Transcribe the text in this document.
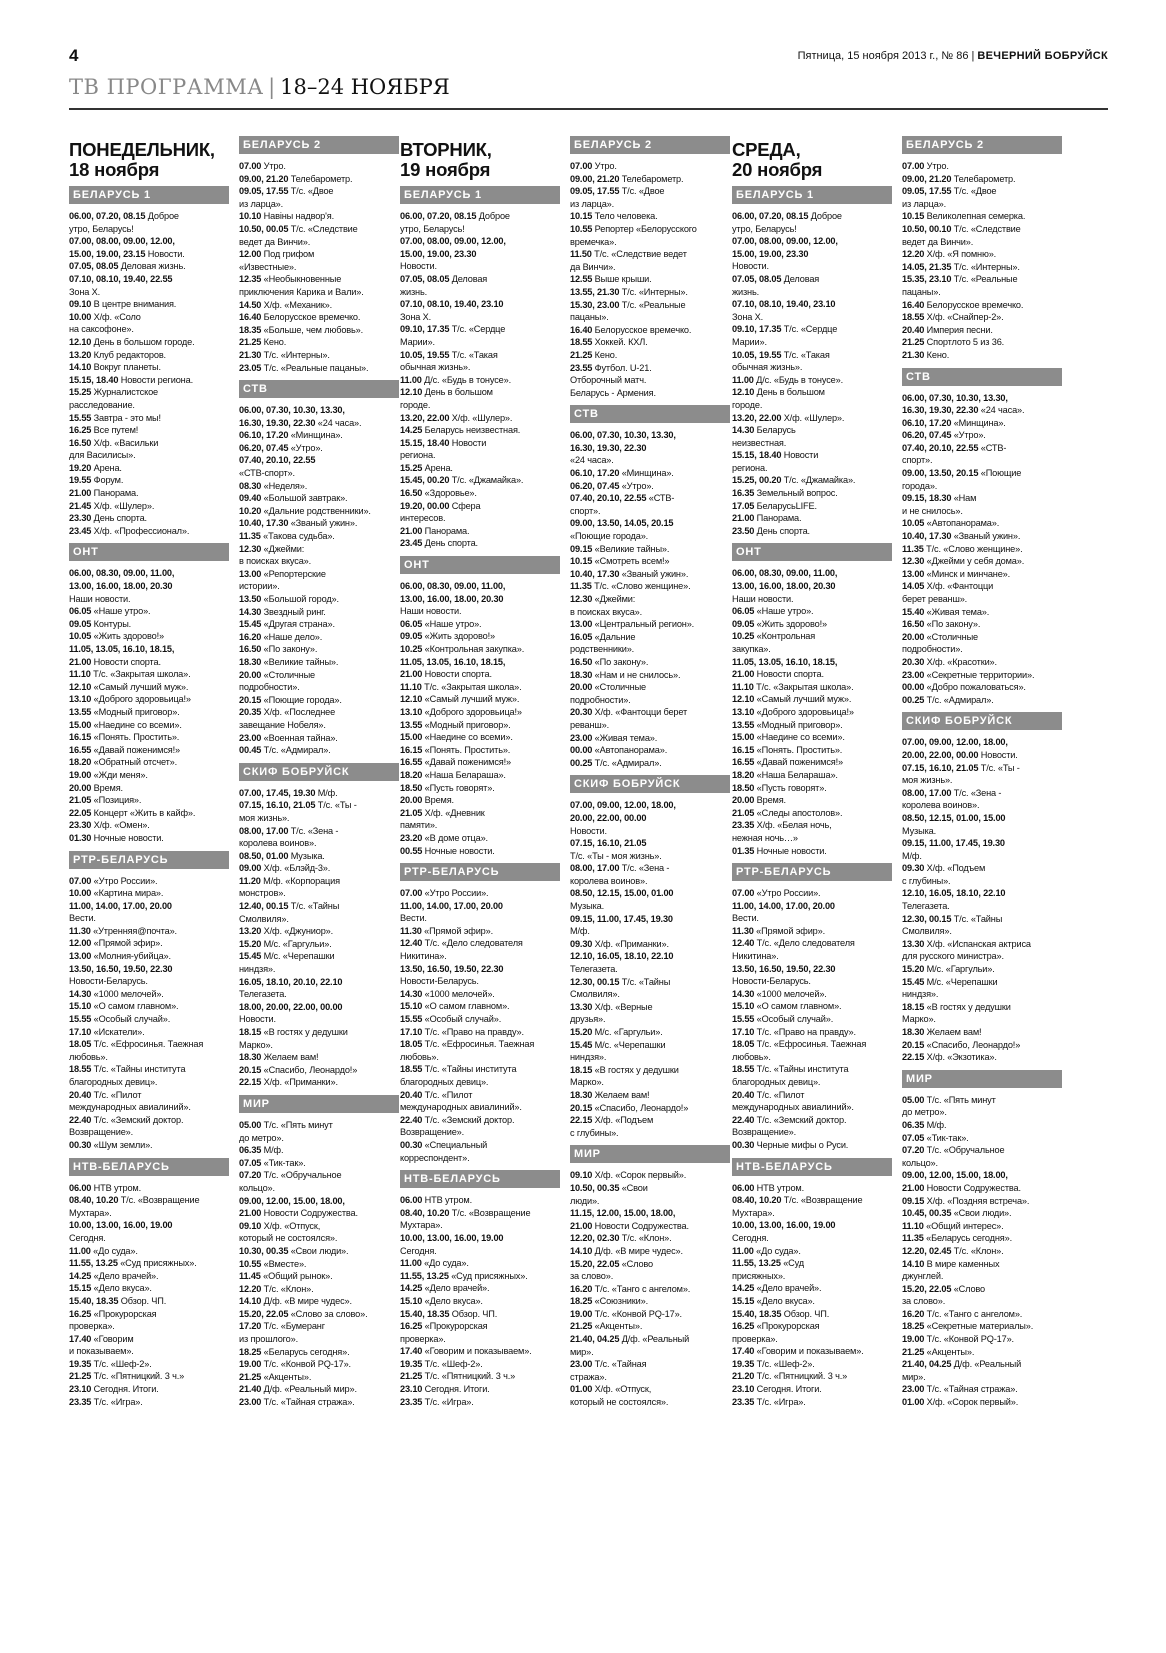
4	Пятница, 15 ноября 2013 г., № 86 | ВЕЧЕРНИЙ БОБРУЙСК
ТВ ПРОГРАММА | 18–24 НОЯБРЯ
ПОНЕДЕЛЬНИК,
18 ноября
БЕЛАРУСЬ 1
06.00, 07.20, 08.15 Доброе
утро, Беларусь!
07.00, 08.00, 09.00, 12.00,
15.00, 19.00, 23.15 Новости.
07.05, 08.05 Деловая жизнь.
07.10, 08.10, 19.40, 22.55
Зона Х.
09.10 В центре внимания.
10.00 Х/ф. «Соло
на саксофоне».
12.10 День в большом городе.
13.20 Клуб редакторов.
14.10 Вокруг планеты.
15.15, 18.40 Новости региона.
15.25 Журналистское
расследование.
15.55 Завтра - это мы!
16.25 Все путем!
16.50 Х/ф. «Васильки
для Василисы».
19.20 Арена.
19.55 Форум.
21.00 Панорама.
21.45 Х/ф. «Шулер».
23.30 День спорта.
23.45 Х/ф. «Профессионал».
ОНТ
06.00, 08.30, 09.00, 11.00,
13.00, 16.00, 18.00, 20.30
Наши новости.
06.05 «Наше утро».
09.05 Контуры.
10.05 «Жить здорово!»
11.05, 13.05, 16.10, 18.15,
21.00 Новости спорта.
11.10 Т/с. «Закрытая школа».
12.10 «Самый лучший муж».
13.10 «Доброго здоровьица!»
13.55 «Модный приговор».
15.00 «Наедине со всеми».
16.15 «Понять. Простить».
16.55 «Давай поженимся!»
18.20 «Обратный отсчет».
19.00 «Жди меня».
20.00 Время.
21.05 «Позиция».
22.05 Концерт «Жить в кайф».
23.30 Х/ф. «Омен».
01.30 Ночные новости.
РТР-БЕЛАРУСЬ
07.00 «Утро России».
10.00 «Картина мира».
11.00, 14.00, 17.00, 20.00
Вести.
11.30 «Утренняя@почта».
12.00 «Прямой эфир».
13.00 «Молния-убийца».
13.50, 16.50, 19.50, 22.30
Новости-Беларусь.
14.30 «1000 мелочей».
15.10 «О самом главном».
15.55 «Особый случай».
17.10 «Искатели».
18.05 Т/с. «Ефросинья. Таежная
любовь».
18.55 Т/с. «Тайны института
благородных девиц».
20.40 Т/с. «Пилот
международных авиалиний».
22.40 Т/с. «Земский доктор.
Возвращение».
00.30 «Шум земли».
НТВ-БЕЛАРУСЬ
06.00 НТВ утром.
08.40, 10.20 Т/с. «Возвращение
Мухтара».
10.00, 13.00, 16.00, 19.00
Сегодня.
11.00 «До суда».
11.55, 13.25 «Суд присяжных».
14.25 «Дело врачей».
15.15 «Дело вкуса».
15.40, 18.35 Обзор. ЧП.
16.25 «Прокурорская
проверка».
17.40 «Говорим
и показываем».
19.35 Т/с. «Шеф-2».
21.25 Т/с. «Пятницкий. 3 ч.»
23.10 Сегодня. Итоги.
23.35 Т/с. «Игра».
БЕЛАРУСЬ 2
07.00 Утро.
09.00, 21.20 Телебарометр.
09.05, 17.55 Т/с. «Двое
из ларца».
10.10 Навіны надвор'я.
10.50, 00.05 Т/с. «Следствие
ведет да Винчи».
12.00 Под грифом
«Известные».
12.35 «Необыкновенные
приключения Карика и Вали».
14.50 Х/ф. «Механик».
16.40 Белорусское времечко.
18.35 «Больше, чем любовь».
21.25 Кено.
21.30 Т/с. «Интерны».
23.05 Т/с. «Реальные пацаны».
СТВ
06.00, 07.30, 10.30, 13.30,
16.30, 19.30, 22.30 «24 часа».
06.10, 17.20 «Минщина».
06.20, 07.45 «Утро».
07.40, 20.10, 22.55
«СТВ-спорт».
08.30 «Неделя».
09.40 «Большой завтрак».
10.20 «Дальние родственники».
10.40, 17.30 «Званый ужин».
11.35 «Такова судьба».
12.30 «Джейми:
в поисках вкуса».
13.00 «Репортерские
истории».
13.50 «Большой город».
14.30 Звездный ринг.
15.45 «Другая страна».
16.20 «Наше дело».
16.50 «По закону».
18.30 «Великие тайны».
20.00 «Столичные
подробности».
20.15 «Поющие города».
20.35 Х/ф. «Последнее
завещание Нобеля».
23.00 «Военная тайна».
00.45 Т/с. «Адмирал».
СКИФ БОБРУЙСК
07.00, 17.45, 19.30 М/ф.
07.15, 16.10, 21.05 Т/с. «Ты -
моя жизнь».
08.00, 17.00 Т/с. «Зена -
королева воинов».
08.50, 01.00 Музыка.
09.00 Х/ф. «Блэйд-3».
11.20 М/ф. «Корпорация
монстров».
12.40, 00.15 Т/с. «Тайны
Смолвиля».
13.20 Х/ф. «Джуниор».
15.20 М/с. «Гаргульи».
15.45 М/с. «Черепашки
ниндзя».
16.05, 18.10, 20.10, 22.10
Телегазета.
18.00, 20.00, 22.00, 00.00
Новости.
18.15 «В гостях у дедушки
Марко».
18.30 Желаем вам!
20.15 «Спасибо, Леонардо!»
22.15 Х/ф. «Приманки».
МИР
05.00 Т/с. «Пять минут
до метро».
06.35 М/ф.
07.05 «Тик-так».
07.20 Т/с. «Обручальное
кольцо».
09.00, 12.00, 15.00, 18.00,
21.00 Новости Содружества.
09.10 Х/ф. «Отпуск,
который не состоялся».
10.30, 00.35 «Свои люди».
10.55 «Вместе».
11.45 «Общий рынок».
12.20 Т/с. «Клон».
14.10 Д/ф. «В мире чудес».
15.20, 22.05 «Слово за слово».
17.20 Т/с. «Бумеранг
из прошлого».
18.25 «Беларусь сегодня».
19.00 Т/с. «Конвой PQ-17».
21.25 «Акценты».
21.40 Д/ф. «Реальный мир».
23.00 Т/с. «Тайная стража».
ВТОРНИК,
19 ноября
БЕЛАРУСЬ 1
06.00, 07.20, 08.15 Доброе
утро, Беларусь!
07.00, 08.00, 09.00, 12.00,
15.00, 19.00, 23.30
Новости.
07.05, 08.05 Деловая
жизнь.
07.10, 08.10, 19.40, 23.10
Зона Х.
09.10, 17.35 Т/с. «Сердце
Марии».
10.05, 19.55 Т/с. «Такая
обычная жизнь».
11.00 Д/с. «Будь в тонусе».
12.10 День в большом
городе.
13.20, 22.00 Х/ф. «Шулер».
14.25 Беларусь неизвестная.
15.15, 18.40 Новости
региона.
15.25 Арена.
15.45, 00.20 Т/с. «Джамайка».
16.50 «Здоровье».
19.20, 00.00 Сфера
интересов.
21.00 Панорама.
23.45 День спорта.
ОНТ
06.00, 08.30, 09.00, 11.00,
13.00, 16.00, 18.00, 20.30
Наши новости.
06.05 «Наше утро».
09.05 «Жить здорово!»
10.25 «Контрольная закупка».
11.05, 13.05, 16.10, 18.15,
21.00 Новости спорта.
11.10 Т/с. «Закрытая школа».
12.10 «Самый лучший муж».
13.10 «Доброго здоровьица!»
13.55 «Модный приговор».
15.00 «Наедине со всеми».
16.15 «Понять. Простить».
16.55 «Давай поженимся!»
18.20 «Наша Белараша».
18.50 «Пусть говорят».
20.00 Время.
21.05 Х/ф. «Дневник
памяти».
23.20 «В доме отца».
00.55 Ночные новости.
РТР-БЕЛАРУСЬ
07.00 «Утро России».
11.00, 14.00, 17.00, 20.00
Вести.
11.30 «Прямой эфир».
12.40 Т/с. «Дело следователя
Никитина».
13.50, 16.50, 19.50, 22.30
Новости-Беларусь.
14.30 «1000 мелочей».
15.10 «О самом главном».
15.55 «Особый случай».
17.10 Т/с. «Право на правду».
18.05 Т/с. «Ефросинья. Таежная
любовь».
18.55 Т/с. «Тайны института
благородных девиц».
20.40 Т/с. «Пилот
международных авиалиний».
22.40 Т/с. «Земский доктор.
Возвращение».
00.30 «Специальный
корреспондент».
НТВ-БЕЛАРУСЬ
06.00 НТВ утром.
08.40, 10.20 Т/с. «Возвращение
Мухтара».
10.00, 13.00, 16.00, 19.00
Сегодня.
11.00 «До суда».
11.55, 13.25 «Суд присяжных».
14.25 «Дело врачей».
15.10 «Дело вкуса».
15.40, 18.35 Обзор. ЧП.
16.25 «Прокурорская
проверка».
17.40 «Говорим и показываем».
19.35 Т/с. «Шеф-2».
21.25 Т/с. «Пятницкий. 3 ч.»
23.10 Сегодня. Итоги.
23.35 Т/с. «Игра».
БЕЛАРУСЬ 2
07.00 Утро.
09.00, 21.20 Телебарометр.
09.05, 17.55 Т/с. «Двое
из ларца».
10.15 Тело человека.
10.55 Репортер «Белорусского
времечка».
11.50 Т/с. «Следствие ведет
да Винчи».
12.55 Выше крыши.
13.55, 21.30 Т/с. «Интерны».
15.30, 23.00 Т/с. «Реальные
пацаны».
16.40 Белорусское времечко.
18.55 Хоккей. КХЛ.
21.25 Кено.
23.55 Футбол. U-21.
Отборочный матч.
Беларусь - Армения.
СТВ
06.00, 07.30, 10.30, 13.30,
16.30, 19.30, 22.30
«24 часа».
06.10, 17.20 «Минщина».
06.20, 07.45 «Утро».
07.40, 20.10, 22.55 «СТВ-
спорт».
09.00, 13.50, 14.05, 20.15
«Поющие города».
09.15 «Великие тайны».
10.15 «Смотреть всем!»
10.40, 17.30 «Званый ужин».
11.35 Т/с. «Слово женщине».
12.30 «Джейми:
в поисках вкуса».
13.00 «Центральный регион».
16.05 «Дальние
родственники».
16.50 «По закону».
18.30 «Нам и не снилось».
20.00 «Столичные
подробности».
20.30 Х/ф. «Фантоцци берет
реванш».
23.00 «Живая тема».
00.00 «Автопанорама».
00.25 Т/с. «Адмирал».
СКИФ БОБРУЙСК
07.00, 09.00, 12.00, 18.00,
20.00, 22.00, 00.00
Новости.
07.15, 16.10, 21.05
Т/с. «Ты - моя жизнь».
08.00, 17.00 Т/с. «Зена -
королева воинов».
08.50, 12.15, 15.00, 01.00
Музыка.
09.15, 11.00, 17.45, 19.30
М/ф.
09.30 Х/ф. «Приманки».
12.10, 16.05, 18.10, 22.10
Телегазета.
12.30, 00.15 Т/с. «Тайны
Смолвиля».
13.30 Х/ф. «Верные
друзья».
15.20 М/с. «Гаргульи».
15.45 М/с. «Черепашки
ниндзя».
18.15 «В гостях у дедушки
Марко».
18.30 Желаем вам!
20.15 «Спасибо, Леонардо!»
22.15 Х/ф. «Подъем
с глубины».
МИР
09.10 Х/ф. «Сорок первый».
10.50, 00.35 «Свои
люди».
11.15, 12.00, 15.00, 18.00,
21.00 Новости Содружества.
12.20, 02.30 Т/с. «Клон».
14.10 Д/ф. «В мире чудес».
15.20, 22.05 «Слово
за слово».
16.20 Т/с. «Танго с ангелом».
18.25 «Союзники».
19.00 Т/с. «Конвой PQ-17».
21.25 «Акценты».
21.40, 04.25 Д/ф. «Реальный
мир».
23.00 Т/с. «Тайная
стража».
01.00 Х/ф. «Отпуск,
который не состоялся».
СРЕДА,
20 ноября
БЕЛАРУСЬ 1
06.00, 07.20, 08.15 Доброе
утро, Беларусь!
07.00, 08.00, 09.00, 12.00,
15.00, 19.00, 23.30
Новости.
07.05, 08.05 Деловая
жизнь.
07.10, 08.10, 19.40, 23.10
Зона Х.
09.10, 17.35 Т/с. «Сердце
Марии».
10.05, 19.55 Т/с. «Такая
обычная жизнь».
11.00 Д/с. «Будь в тонусе».
12.10 День в большом
городе.
13.20, 22.00 Х/ф. «Шулер».
14.30 Беларусь
неизвестная.
15.15, 18.40 Новости
региона.
15.25, 00.20 Т/с. «Джамайка».
16.35 Земельный вопрос.
17.05 БеларусьLIFE.
21.00 Панорама.
23.50 День спорта.
ОНТ
06.00, 08.30, 09.00, 11.00,
13.00, 16.00, 18.00, 20.30
Наши новости.
06.05 «Наше утро».
09.05 «Жить здорово!»
10.25 «Контрольная
закупка».
11.05, 13.05, 16.10, 18.15,
21.00 Новости спорта.
11.10 Т/с. «Закрытая школа».
12.10 «Самый лучший муж».
13.10 «Доброго здоровьица!»
13.55 «Модный приговор».
15.00 «Наедине со всеми».
16.15 «Понять. Простить».
16.55 «Давай поженимся!»
18.20 «Наша Белараша».
18.50 «Пусть говорят».
20.00 Время.
21.05 «Следы апостолов».
23.35 Х/ф. «Белая ночь,
нежная ночь…»
01.35 Ночные новости.
РТР-БЕЛАРУСЬ
07.00 «Утро России».
11.00, 14.00, 17.00, 20.00
Вести.
11.30 «Прямой эфир».
12.40 Т/с. «Дело следователя
Никитина».
13.50, 16.50, 19.50, 22.30
Новости-Беларусь.
14.30 «1000 мелочей».
15.10 «О самом главном».
15.55 «Особый случай».
17.10 Т/с. «Право на правду».
18.05 Т/с. «Ефросинья. Таежная
любовь».
18.55 Т/с. «Тайны института
благородных девиц».
20.40 Т/с. «Пилот
международных авиалиний».
22.40 Т/с. «Земский доктор.
Возвращение».
00.30 Черные мифы о Руси.
НТВ-БЕЛАРУСЬ
06.00 НТВ утром.
08.40, 10.20 Т/с. «Возвращение
Мухтара».
10.00, 13.00, 16.00, 19.00
Сегодня.
11.00 «До суда».
11.55, 13.25 «Суд
присяжных».
14.25 «Дело врачей».
15.15 «Дело вкуса».
15.40, 18.35 Обзор. ЧП.
16.25 «Прокурорская
проверка».
17.40 «Говорим и показываем».
19.35 Т/с. «Шеф-2».
21.20 Т/с. «Пятницкий. 3 ч.»
23.10 Сегодня. Итоги.
23.35 Т/с. «Игра».
БЕЛАРУСЬ 2
07.00 Утро.
09.00, 21.20 Телебарометр.
09.05, 17.55 Т/с. «Двое
из ларца».
10.15 Великолепная семерка.
10.50, 00.10 Т/с. «Следствие
ведет да Винчи».
12.20 Х/ф. «Я помню».
14.05, 21.35 Т/с. «Интерны».
15.35, 23.10 Т/с. «Реальные
пацаны».
16.40 Белорусское времечко.
18.55 Х/ф. «Снайпер-2».
20.40 Империя песни.
21.25 Спортлото 5 из 36.
21.30 Кено.
СТВ
06.00, 07.30, 10.30, 13.30,
16.30, 19.30, 22.30 «24 часа».
06.10, 17.20 «Минщина».
06.20, 07.45 «Утро».
07.40, 20.10, 22.55 «СТВ-
спорт».
09.00, 13.50, 20.15 «Поющие
города».
09.15, 18.30 «Нам
и не снилось».
10.05 «Автопанорама».
10.40, 17.30 «Званый ужин».
11.35 Т/с. «Слово женщине».
12.30 «Джейми у себя дома».
13.00 «Минск и минчане».
14.05 Х/ф. «Фантоцци
берет реванш».
15.40 «Живая тема».
16.50 «По закону».
20.00 «Столичные
подробности».
20.30 Х/ф. «Красотки».
23.00 «Секретные территории».
00.00 «Добро пожаловаться».
00.25 Т/с. «Адмирал».
СКИФ БОБРУЙСК
07.00, 09.00, 12.00, 18.00,
20.00, 22.00, 00.00 Новости.
07.15, 16.10, 21.05 Т/с. «Ты -
моя жизнь».
08.00, 17.00 Т/с. «Зена -
королева воинов».
08.50, 12.15, 01.00, 15.00
Музыка.
09.15, 11.00, 17.45, 19.30
М/ф.
09.30 Х/ф. «Подъем
с глубины».
12.10, 16.05, 18.10, 22.10
Телегазета.
12.30, 00.15 Т/с. «Тайны
Смолвиля».
13.30 Х/ф. «Испанская актриса
для русского министра».
15.20 М/с. «Гаргульи».
15.45 М/с. «Черепашки
ниндзя».
18.15 «В гостях у дедушки
Марко».
18.30 Желаем вам!
20.15 «Спасибо, Леонардо!»
22.15 Х/ф. «Экзотика».
МИР
05.00 Т/с. «Пять минут
до метро».
06.35 М/ф.
07.05 «Тик-так».
07.20 Т/с. «Обручальное
кольцо».
09.00, 12.00, 15.00, 18.00,
21.00 Новости Содружества.
09.15 Х/ф. «Поздняя встреча».
10.45, 00.35 «Свои люди».
11.10 «Общий интерес».
11.35 «Беларусь сегодня».
12.20, 02.45 Т/с. «Клон».
14.10 В мире каменных
джунглей.
15.20, 22.05 «Слово
за слово».
16.20 Т/с. «Танго с ангелом».
18.25 «Секретные материалы».
19.00 Т/с. «Конвой PQ-17».
21.25 «Акценты».
21.40, 04.25 Д/ф. «Реальный
мир».
23.00 Т/с. «Тайная стража».
01.00 Х/ф. «Сорок первый».
